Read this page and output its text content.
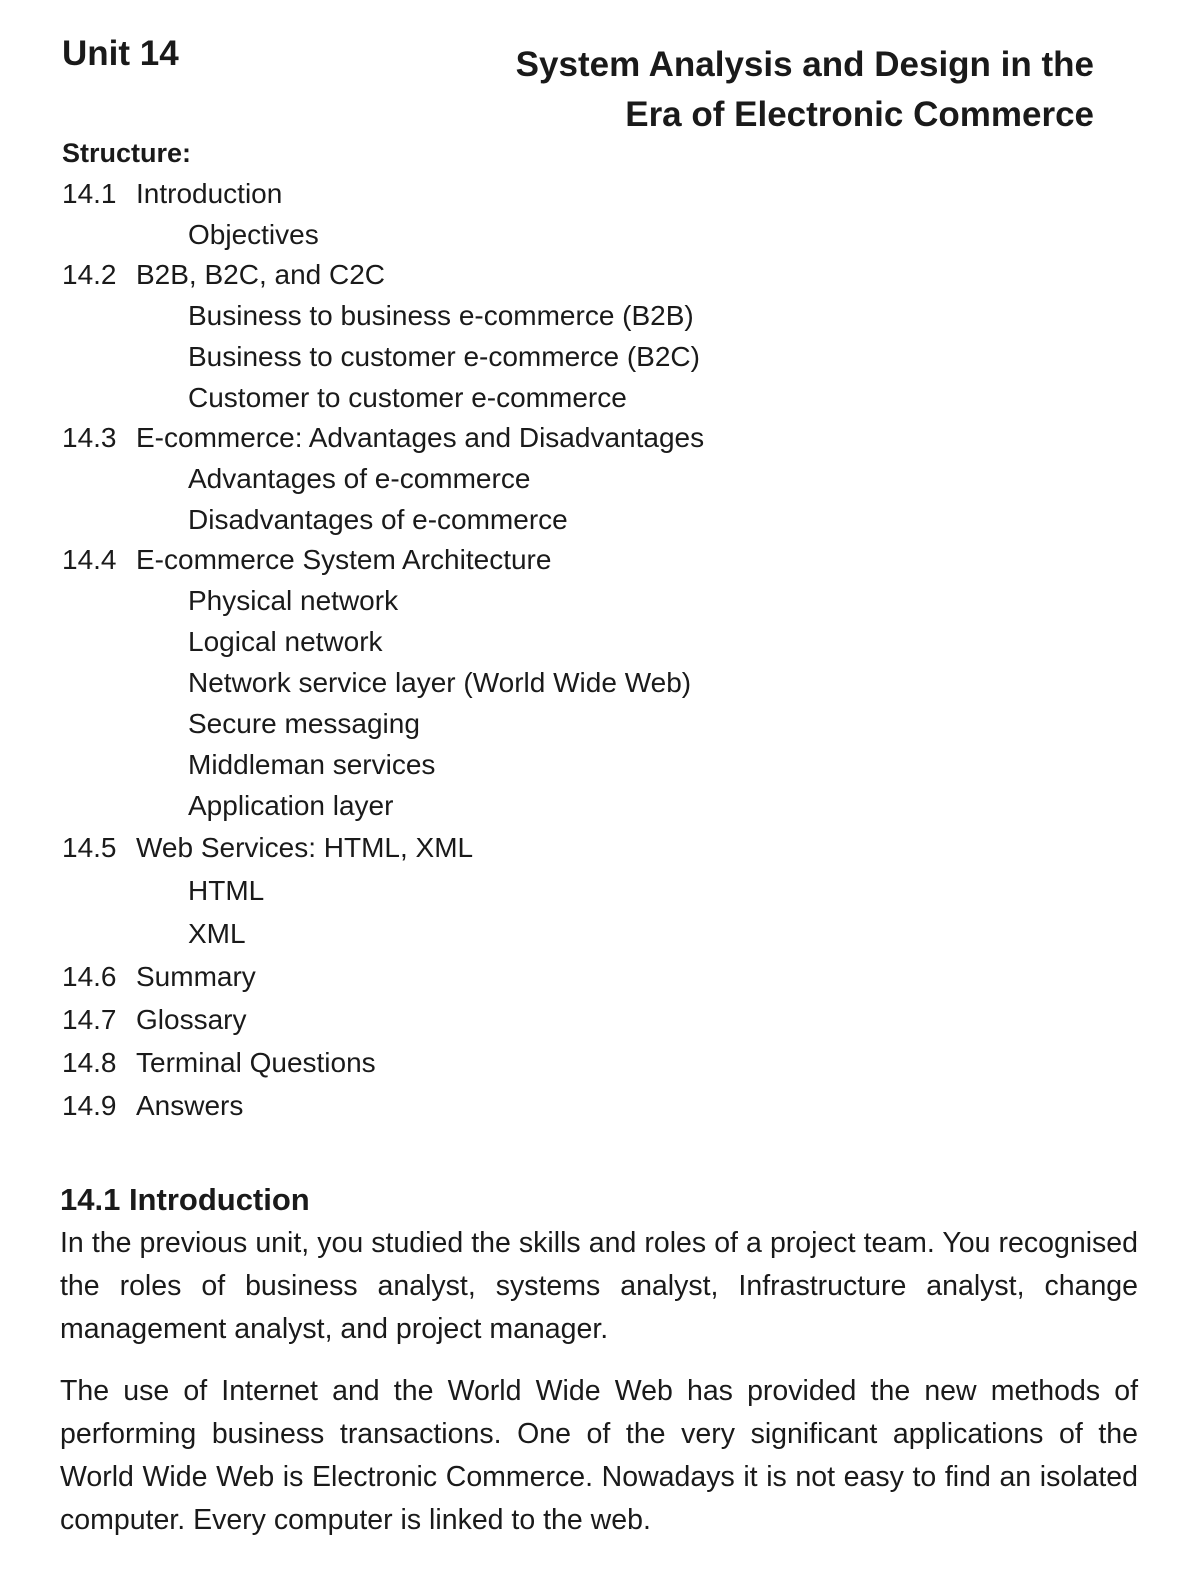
Unit 14	System Analysis and Design in the
Era of Electronic Commerce
Structure:
14.1 Introduction
Objectives
14.2 B2B, B2C, and C2C
Business to business e-commerce (B2B)
Business to customer e-commerce (B2C)
Customer to customer e-commerce
14.3 E-commerce: Advantages and Disadvantages
Advantages of e-commerce
Disadvantages of e-commerce
14.4 E-commerce System Architecture
Physical network
Logical network
Network service layer (World Wide Web)
Secure messaging
Middleman services
Application layer
14.5 Web Services: HTML, XML
HTML
XML
14.6 Summary
14.7 Glossary
14.8 Terminal Questions
14.9 Answers
14.1 Introduction

In the previous unit, you studied the skills and roles of a project team. You recognised the roles of business analyst, systems analyst, Infrastructure analyst, change management analyst, and project manager.

The use of Internet and the World Wide Web has provided the new methods of performing business transactions. One of the very significant applications of the World Wide Web is Electronic Commerce. Nowadays it is not easy to find an isolated computer. Every computer is linked to the web.
